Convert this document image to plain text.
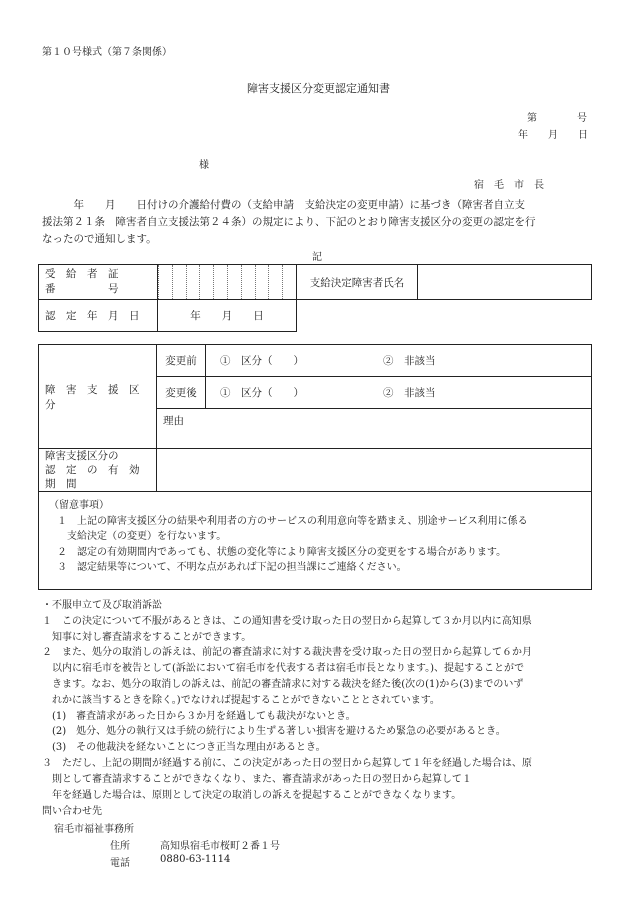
第１０号様式（第７条関係）
障害支援区分変更認定通知書
第　　　　号
年　　月　　日
様
宿　毛　市　長

　　　年　　月　　日付けの介護給付費の（支給申請　支給決定の変更申請）に基づき（障害者自立支
援法第２１条　障害者自立支援法第２４条）の規定により、下記のとおり障害支援区分の変更の認定を行
なったので通知します。

記
受　給　者　証
番　　　　　号		支給決定障害者氏名	

認　定　年　月　日	年　　月　　日		
障　害　支　援　区　分	変更前	①　区分（　　） ②　非該当
	変更後	①　区分（　　） ②　非該当
	理由	

障害支援区分の
認　定　の　有　効　期　間		

（留意事項）
１　上記の障害支援区分の結果や利用者の方のサービスの利用意向等を踏まえ、別途サービス利用に係る
　支給決定（の変更）を行ないます。
２　認定の有効期間内であっても、状態の変化等により障害支援区分の変更をする場合があります。
３　認定結果等について、不明な点があれば下記の担当課にご連絡ください。		
・不服申立て及び取消訴訟
１　この決定について不服があるときは、この通知書を受け取った日の翌日から起算して３か月以内に高知県
　知事に対し審査請求をすることができます。
２　また、処分の取消しの訴えは、前記の審査請求に対する裁決書を受け取った日の翌日から起算して６か月
　以内に宿毛市を被告として(訴訟において宿毛市を代表する者は宿毛市長となります。)、提起することがで
　きます。なお、処分の取消しの訴えは、前記の審査請求に対する裁決を経た後(次の(1)から(3)までのいず
　れかに該当するときを除く。)でなければ提起することができないこととされています。
　(1)　審査請求があった日から３か月を経過しても裁決がないとき。
　(2)　処分、処分の執行又は手続の続行により生ずる著しい損害を避けるため緊急の必要があるとき。
　(3)　その他裁決を経ないことにつき正当な理由があるとき。
３　ただし、上記の期間が経過する前に、この決定があった日の翌日から起算して１年を経過した場合は、原
　則として審査請求することができなくなり、また、審査請求があった日の翌日から起算して１
　年を経過した場合は、原則として決定の取消しの訴えを提起することができなくなります。
問い合わせ先
宿毛市福祉事務所
住所	高知県宿毛市桜町２番１号
電話	0880-63-1114
